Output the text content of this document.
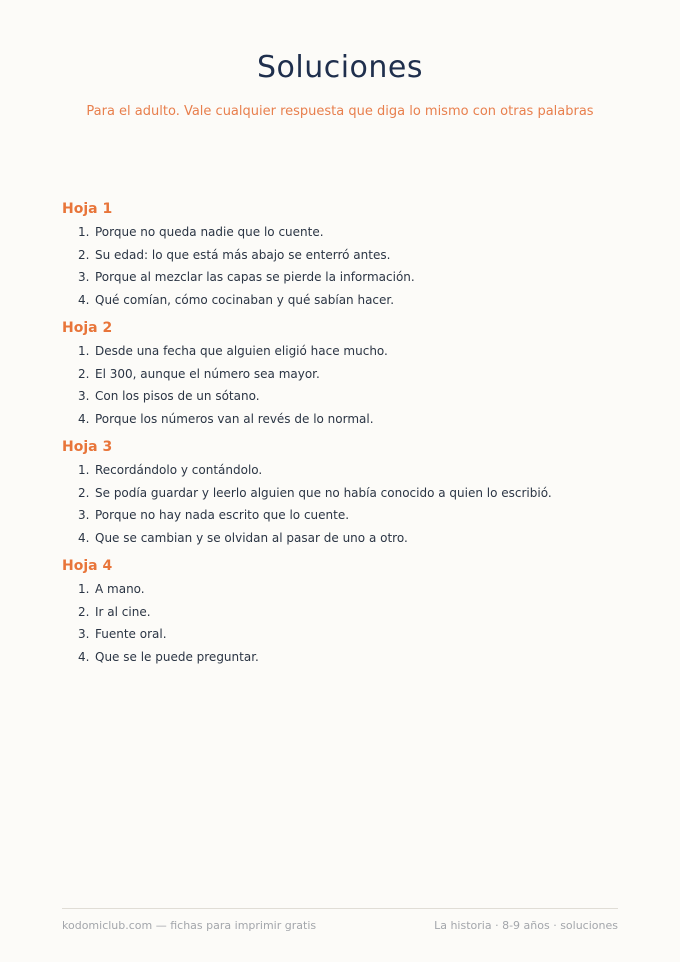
Soluciones
Para el adulto. Vale cualquier respuesta que diga lo mismo con otras palabras
Hoja 1
1. Porque no queda nadie que lo cuente.
2. Su edad: lo que está más abajo se enterró antes.
3. Porque al mezclar las capas se pierde la información.
4. Qué comían, cómo cocinaban y qué sabían hacer.
Hoja 2
1. Desde una fecha que alguien eligió hace mucho.
2. El 300, aunque el número sea mayor.
3. Con los pisos de un sótano.
4. Porque los números van al revés de lo normal.
Hoja 3
1. Recordándolo y contándolo.
2. Se podía guardar y leerlo alguien que no había conocido a quien lo escribió.
3. Porque no hay nada escrito que lo cuente.
4. Que se cambian y se olvidan al pasar de uno a otro.
Hoja 4
1. A mano.
2. Ir al cine.
3. Fuente oral.
4. Que se le puede preguntar.
kodomiclub.com — fichas para imprimir gratis	La historia · 8-9 años · soluciones
